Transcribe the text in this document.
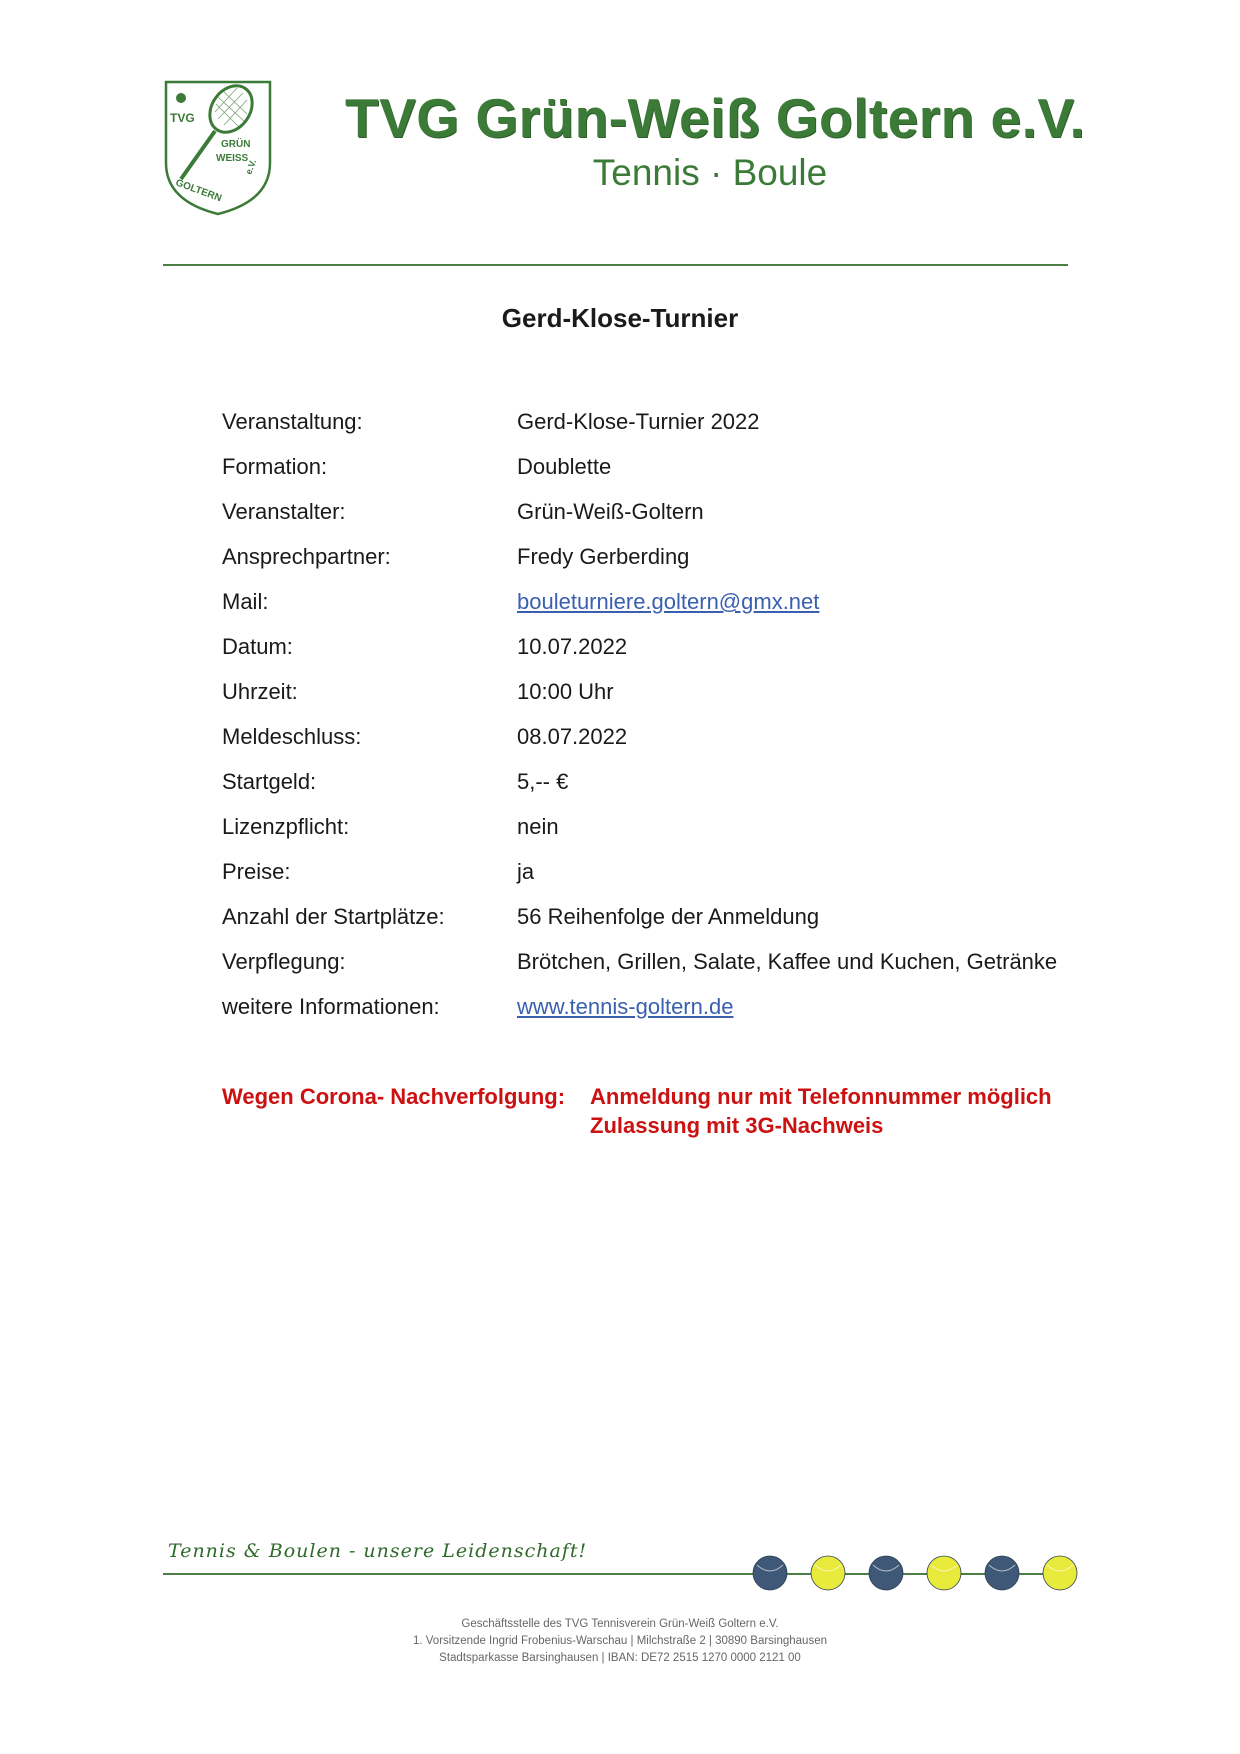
TVG
GRÜN
WEISS
e.V.
GOLTERN
TVG Grün-Weiß Goltern e.V.
Tennis · Boule
Gerd-Klose-Turnier
Veranstaltung:	Gerd-Klose-Turnier 2022
Formation:	Doublette
Veranstalter:	Grün-Weiß-Goltern
Ansprechpartner:	Fredy Gerberding
Mail:	bouleturniere.goltern@gmx.net
Datum:	10.07.2022
Uhrzeit:	10:00 Uhr
Meldeschluss:	08.07.2022
Startgeld:	5,-- €
Lizenzpflicht:	nein
Preise:	ja
Anzahl der Startplätze:	56 Reihenfolge der Anmeldung
Verpflegung:	Brötchen, Grillen, Salate, Kaffee und Kuchen, Getränke
weitere Informationen:	www.tennis-goltern.de
Wegen Corona- Nachverfolgung: Anmeldung nur mit Telefonnummer möglich
Zulassung mit 3G-Nachweis
Tennis & Boulen - unsere Leidenschaft!
Geschäftsstelle des TVG Tennisverein Grün-Weiß Goltern e.V.
1. Vorsitzende Ingrid Frobenius-Warschau | Milchstraße 2 | 30890 Barsinghausen
Stadtsparkasse Barsinghausen | IBAN: DE72 2515 1270 0000 2121 00
